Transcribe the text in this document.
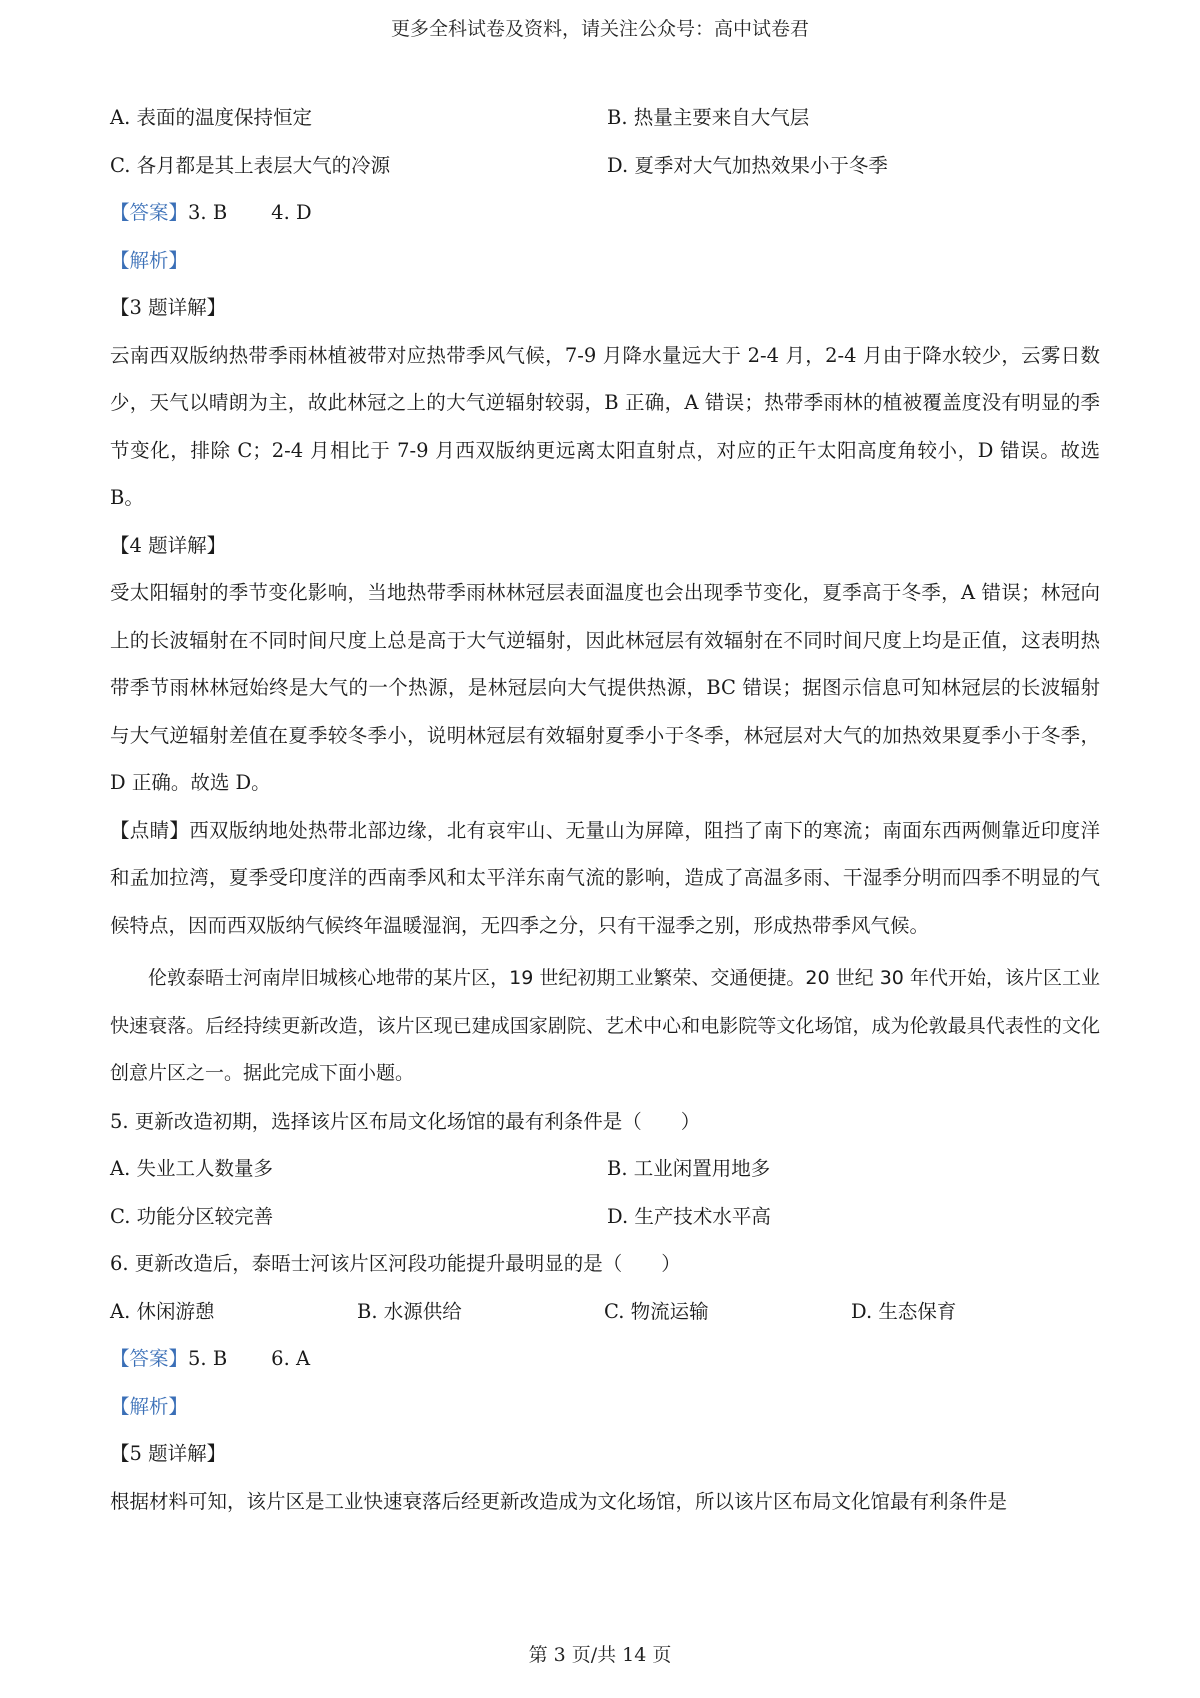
更多全科试卷及资料，请关注公众号：高中试卷君
A. 表面的温度保持恒定	B. 热量主要来自大气层
C. 各月都是其上表层大气的冷源	D. 夏季对大气加热效果小于冬季
【答案】3. B 4. D
【解析】
【3 题详解】
云南西双版纳热带季雨林植被带对应热带季风气候，7-9 月降水量远大于 2-4 月，2-4 月由于降水较少，云雾日数少，天气以晴朗为主，故此林冠之上的大气逆辐射较弱，B 正确，A 错误；热带季雨林的植被覆盖度没有明显的季节变化，排除 C；2-4 月相比于 7-9 月西双版纳更远离太阳直射点，对应的正午太阳高度角较小，D 错误。故选 B。
【4 题详解】
受太阳辐射的季节变化影响，当地热带季雨林林冠层表面温度也会出现季节变化，夏季高于冬季，A 错误；林冠向上的长波辐射在不同时间尺度上总是高于大气逆辐射，因此林冠层有效辐射在不同时间尺度上均是正值，这表明热带季节雨林林冠始终是大气的一个热源，是林冠层向大气提供热源，BC 错误；据图示信息可知林冠层的长波辐射与大气逆辐射差值在夏季较冬季小，说明林冠层有效辐射夏季小于冬季，林冠层对大气的加热效果夏季小于冬季，D 正确。故选 D。
【点睛】西双版纳地处热带北部边缘，北有哀牢山、无量山为屏障，阻挡了南下的寒流；南面东西两侧靠近印度洋和孟加拉湾，夏季受印度洋的西南季风和太平洋东南气流的影响，造成了高温多雨、干湿季分明而四季不明显的气候特点，因而西双版纳气候终年温暖湿润，无四季之分，只有干湿季之别，形成热带季风气候。
伦敦泰晤士河南岸旧城核心地带的某片区，19 世纪初期工业繁荣、交通便捷。20 世纪 30 年代开始，该片区工业快速衰落。后经持续更新改造，该片区现已建成国家剧院、艺术中心和电影院等文化场馆，成为伦敦最具代表性的文化创意片区之一。据此完成下面小题。
5. 更新改造初期，选择该片区布局文化场馆的最有利条件是（　　）
A. 失业工人数量多	B. 工业闲置用地多
C. 功能分区较完善	D. 生产技术水平高
6. 更新改造后，泰晤士河该片区河段功能提升最明显的是（　　）
A. 休闲游憩	B. 水源供给	C. 物流运输	D. 生态保育
【答案】5. B 6. A
【解析】
【5 题详解】
根据材料可知，该片区是工业快速衰落后经更新改造成为文化场馆，所以该片区布局文化馆最有利条件是
第 3 页/共 14 页
